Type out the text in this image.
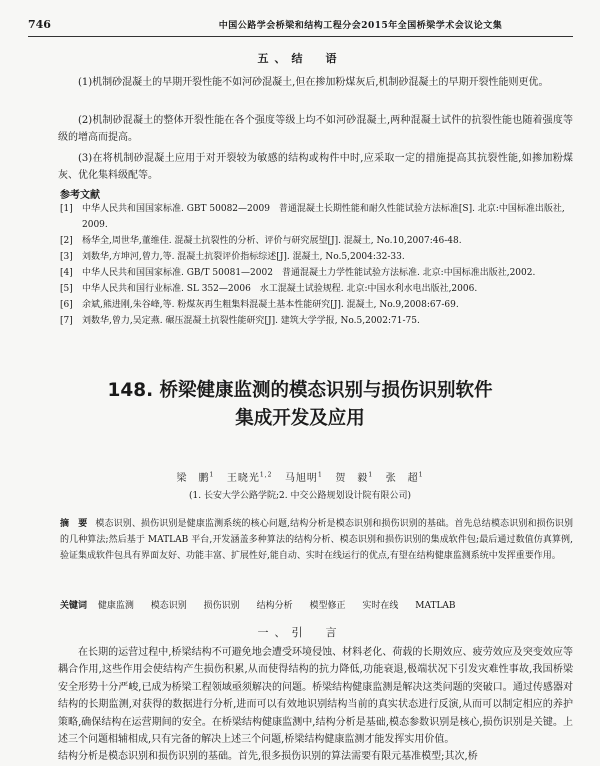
746	中国公路学会桥梁和结构工程分会2015年全国桥梁学术会议论文集
五、结　语

(1)机制砂混凝土的早期开裂性能不如河砂混凝土,但在掺加粉煤灰后,机制砂混凝土的早期开裂性能则更优。

(2)机制砂混凝土的整体开裂性能在各个强度等级上均不如河砂混凝土,两种混凝土试件的抗裂性能也随着强度等级的增高而提高。

(3)在将机制砂混凝土应用于对开裂较为敏感的结构或构件中时,应采取一定的措施提高其抗裂性能,如掺加粉煤灰、优化集料级配等。

参考文献
[1] 中华人民共和国国家标准. GBT 50082—2009　普通混凝土长期性能和耐久性能试验方法标准[S]. 北京:中国标准出版社, 2009.
[2] 杨华全,周世华,董维佳. 混凝土抗裂性的分析、评价与研究展望[J]. 混凝土, No.10,2007:46-48.
[3] 刘数华,方坤河,曾力,等. 混凝土抗裂评价指标综述[J]. 混凝土, No.5,2004:32-33.
[4] 中华人民共和国国家标准. GB/T 50081—2002　普通混凝土力学性能试验方法标准. 北京:中国标准出版社,2002.
[5] 中华人民共和国行业标准. SL 352—2006　水工混凝土试验规程. 北京:中国水利水电出版社,2006.
[6] 余斌,熊进刚,朱谷峰,等. 粉煤灰再生粗集料混凝土基本性能研究[J]. 混凝土, No.9,2008:67-69.
[7] 刘数华,曾力,吴定燕. 碾压混凝土抗裂性能研究[J]. 建筑大学学报, No.5,2002:71-75.
148. 桥梁健康监测的模态识别与损伤识别软件
集成开发及应用
梁　鹏$^1$ 王晓光$^{1,2}$ 马旭明$^1$ 贺　毅$^1$ 张　超$^1$
(1. 长安大学公路学院;2. 中交公路规划设计院有限公司)

摘　要 模态识别、损伤识别是健康监测系统的核心问题,结构分析是模态识别和损伤识别的基础。首先总结模态识别和损伤识别的几种算法;然后基于 MATLAB 平台,开发涵盖多种算法的结构分析、模态识别和损伤识别的集成软件包;最后通过数值仿真算例,验证集成软件包具有界面友好、功能丰富、扩展性好,能自动、实时在线运行的优点,有望在结构健康监测系统中发挥重要作用。

关键词 健康监测 模态识别 损伤识别 结构分析 模型修正 实时在线 MATLAB
一、引　言

在长期的运营过程中,桥梁结构不可避免地会遭受环境侵蚀、材料老化、荷载的长期效应、疲劳效应及突变效应等耦合作用,这些作用会使结构产生损伤积累,从而使得结构的抗力降低,功能衰退,极端状况下引发灾难性事故,我国桥梁安全形势十分严峻,已成为桥梁工程领域亟须解决的问题。桥梁结构健康监测是解决这类问题的突破口。通过传感器对结构的长期监测,对获得的数据进行分析,进而可以有效地识别结构当前的真实状态进行反演,从而可以制定相应的养护策略,确保结构在运营期间的安全。在桥梁结构健康监测中,结构分析是基础,模态参数识别是核心,损伤识别是关键。上述三个问题相辅相成,只有完备的解决上述三个问题,桥梁结构健康监测才能发挥实用价值。
结构分析是模态识别和损伤识别的基础。首先,很多损伤识别的算法需要有限元基准模型;其次,桥
